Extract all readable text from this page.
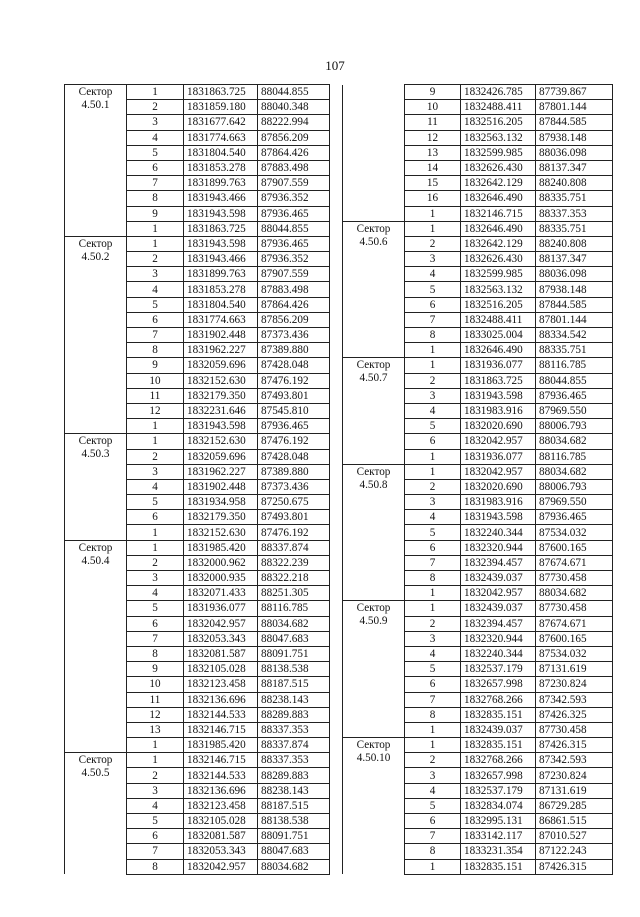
107
Сектор
4.50.1	1	1831863.725	88044.855
	2	1831859.180	88040.348
	3	1831677.642	88222.994
	4	1831774.663	87856.209
	5	1831804.540	87864.426
	6	1831853.278	87883.498
	7	1831899.763	87907.559
	8	1831943.466	87936.352
	9	1831943.598	87936.465
	1	1831863.725	88044.855

Сектор
4.50.2	1	1831943.598	87936.465
	2	1831943.466	87936.352
	3	1831899.763	87907.559
	4	1831853.278	87883.498
	5	1831804.540	87864.426
	6	1831774.663	87856.209
	7	1831902.448	87373.436
	8	1831962.227	87389.880
	9	1832059.696	87428.048
	10	1832152.630	87476.192
	11	1832179.350	87493.801
	12	1832231.646	87545.810
	1	1831943.598	87936.465

Сектор
4.50.3	1	1832152.630	87476.192
	2	1832059.696	87428.048
	3	1831962.227	87389.880
	4	1831902.448	87373.436
	5	1831934.958	87250.675
	6	1832179.350	87493.801
	1	1832152.630	87476.192

Сектор
4.50.4	1	1831985.420	88337.874
	2	1832000.962	88322.239
	3	1832000.935	88322.218
	4	1832071.433	88251.305
	5	1831936.077	88116.785
	6	1832042.957	88034.682
	7	1832053.343	88047.683
	8	1832081.587	88091.751
	9	1832105.028	88138.538
	10	1832123.458	88187.515
	11	1832136.696	88238.143
	12	1832144.533	88289.883
	13	1832146.715	88337.353
	1	1831985.420	88337.874

Сектор
4.50.5	1	1832146.715	88337.353
	2	1832144.533	88289.883
	3	1832136.696	88238.143
	4	1832123.458	88187.515
	5	1832105.028	88138.538
	6	1832081.587	88091.751
	7	1832053.343	88047.683
	8	1832042.957	88034.682
	9	1832426.785	87739.867
	10	1832488.411	87801.144
	11	1832516.205	87844.585
	12	1832563.132	87938.148
	13	1832599.985	88036.098
	14	1832626.430	88137.347
	15	1832642.129	88240.808
	16	1832646.490	88335.751
	1	1832146.715	88337.353

Сектор
4.50.6	1	1832646.490	88335.751
	2	1832642.129	88240.808
	3	1832626.430	88137.347
	4	1832599.985	88036.098
	5	1832563.132	87938.148
	6	1832516.205	87844.585
	7	1832488.411	87801.144
	8	1833025.004	88334.542
	1	1832646.490	88335.751

Сектор
4.50.7	1	1831936.077	88116.785
	2	1831863.725	88044.855
	3	1831943.598	87936.465
	4	1831983.916	87969.550
	5	1832020.690	88006.793
	6	1832042.957	88034.682
	1	1831936.077	88116.785

Сектор
4.50.8	1	1832042.957	88034.682
	2	1832020.690	88006.793
	3	1831983.916	87969.550
	4	1831943.598	87936.465
	5	1832240.344	87534.032
	6	1832320.944	87600.165
	7	1832394.457	87674.671
	8	1832439.037	87730.458
	1	1832042.957	88034.682

Сектор
4.50.9	1	1832439.037	87730.458
	2	1832394.457	87674.671
	3	1832320.944	87600.165
	4	1832240.344	87534.032
	5	1832537.179	87131.619
	6	1832657.998	87230.824
	7	1832768.266	87342.593
	8	1832835.151	87426.325
	1	1832439.037	87730.458

Сектор
4.50.10	1	1832835.151	87426.315
	2	1832768.266	87342.593
	3	1832657.998	87230.824
	4	1832537.179	87131.619
	5	1832834.074	86729.285
	6	1832995.131	86861.515
	7	1833142.117	87010.527
	8	1833231.354	87122.243
	1	1832835.151	87426.315
